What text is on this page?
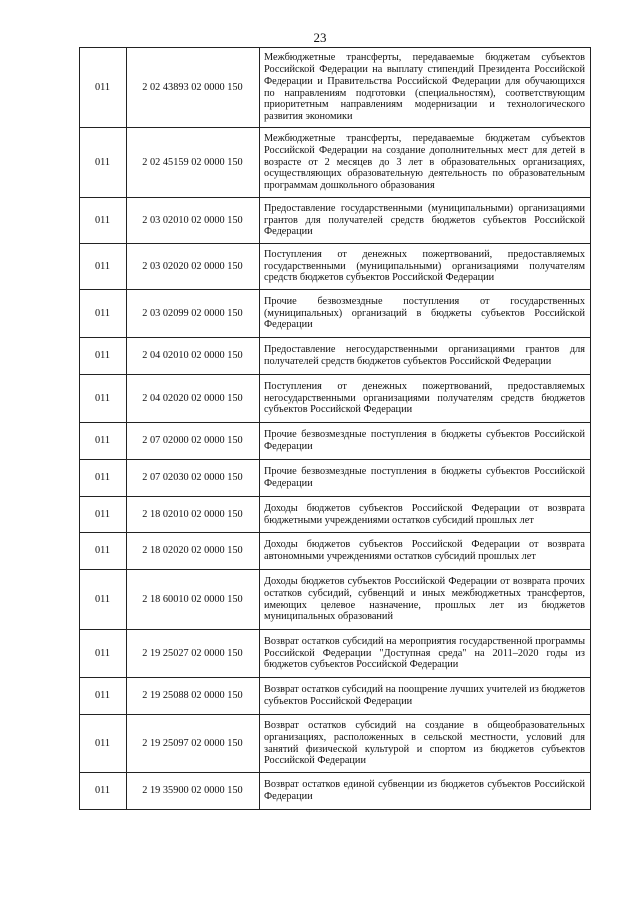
23
011	2 02 43893 02 0000 150	Межбюджетные трансферты, передаваемые бюджетам субъектов Российской Федерации на выплату стипендий Президента Российской Федерации и Правительства Российской Федерации для обучающихся по направлениям подготовки (специальностям), соответствующим приоритетным направлениям модернизации и технологического развития экономики
011	2 02 45159 02 0000 150	Межбюджетные трансферты, передаваемые бюджетам субъектов Российской Федерации на создание дополнительных мест для детей в возрасте от 2 месяцев до 3 лет в образовательных организациях, осуществляющих образовательную деятельность по образовательным программам дошкольного образования
011	2 03 02010 02 0000 150	Предоставление государственными (муниципальными) организациями грантов для получателей средств бюджетов субъектов Российской Федерации
011	2 03 02020 02 0000 150	Поступления от денежных пожертвований, предоставляемых государственными (муниципальными) организациями получателям средств бюджетов субъектов Российской Федерации
011	2 03 02099 02 0000 150	Прочие безвозмездные поступления от государственных (муниципальных) организаций в бюджеты субъектов Российской Федерации
011	2 04 02010 02 0000 150	Предоставление негосударственными организациями грантов для получателей средств бюджетов субъектов Российской Федерации
011	2 04 02020 02 0000 150	Поступления от денежных пожертвований, предоставляемых негосударственными организациями получателям средств бюджетов субъектов Российской Федерации
011	2 07 02000 02 0000 150	Прочие безвозмездные поступления в бюджеты субъектов Российской Федерации
011	2 07 02030 02 0000 150	Прочие безвозмездные поступления в бюджеты субъектов Российской Федерации
011	2 18 02010 02 0000 150	Доходы бюджетов субъектов Российской Федерации от возврата бюджетными учреждениями остатков субсидий прошлых лет
011	2 18 02020 02 0000 150	Доходы бюджетов субъектов Российской Федерации от возврата автономными учреждениями остатков субсидий прошлых лет
011	2 18 60010 02 0000 150	Доходы бюджетов субъектов Российской Федерации от возврата прочих остатков субсидий, субвенций и иных межбюджетных трансфертов, имеющих целевое назначение, прошлых лет из бюджетов муниципальных образований
011	2 19 25027 02 0000 150	Возврат остатков субсидий на мероприятия государственной программы Российской Федерации "Доступная среда" на 2011–2020 годы из бюджетов субъектов Российской Федерации
011	2 19 25088 02 0000 150	Возврат остатков субсидий на поощрение лучших учителей из бюджетов субъектов Российской Федерации
011	2 19 25097 02 0000 150	Возврат остатков субсидий на создание в общеобразовательных организациях, расположенных в сельской местности, условий для занятий физической культурой и спортом из бюджетов субъектов Российской Федерации
011	2 19 35900 02 0000 150	Возврат остатков единой субвенции из бюджетов субъектов Российской Федерации
